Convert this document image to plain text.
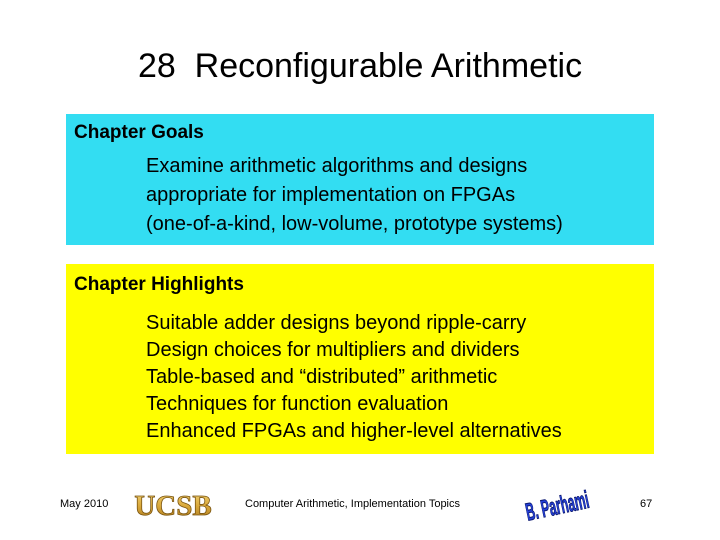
28  Reconfigurable Arithmetic
Chapter Goals
Examine arithmetic algorithms and designs
appropriate for implementation on FPGAs
(one-of-a-kind, low-volume, prototype systems)
Chapter Highlights
Suitable adder designs beyond ripple-carry
Design choices for multipliers and dividers
Table-based and “distributed” arithmetic
Techniques for function evaluation
Enhanced FPGAs and higher-level alternatives
May 2010 UCSB	Computer Arithmetic, Implementation Topics	B. Parhami	67
